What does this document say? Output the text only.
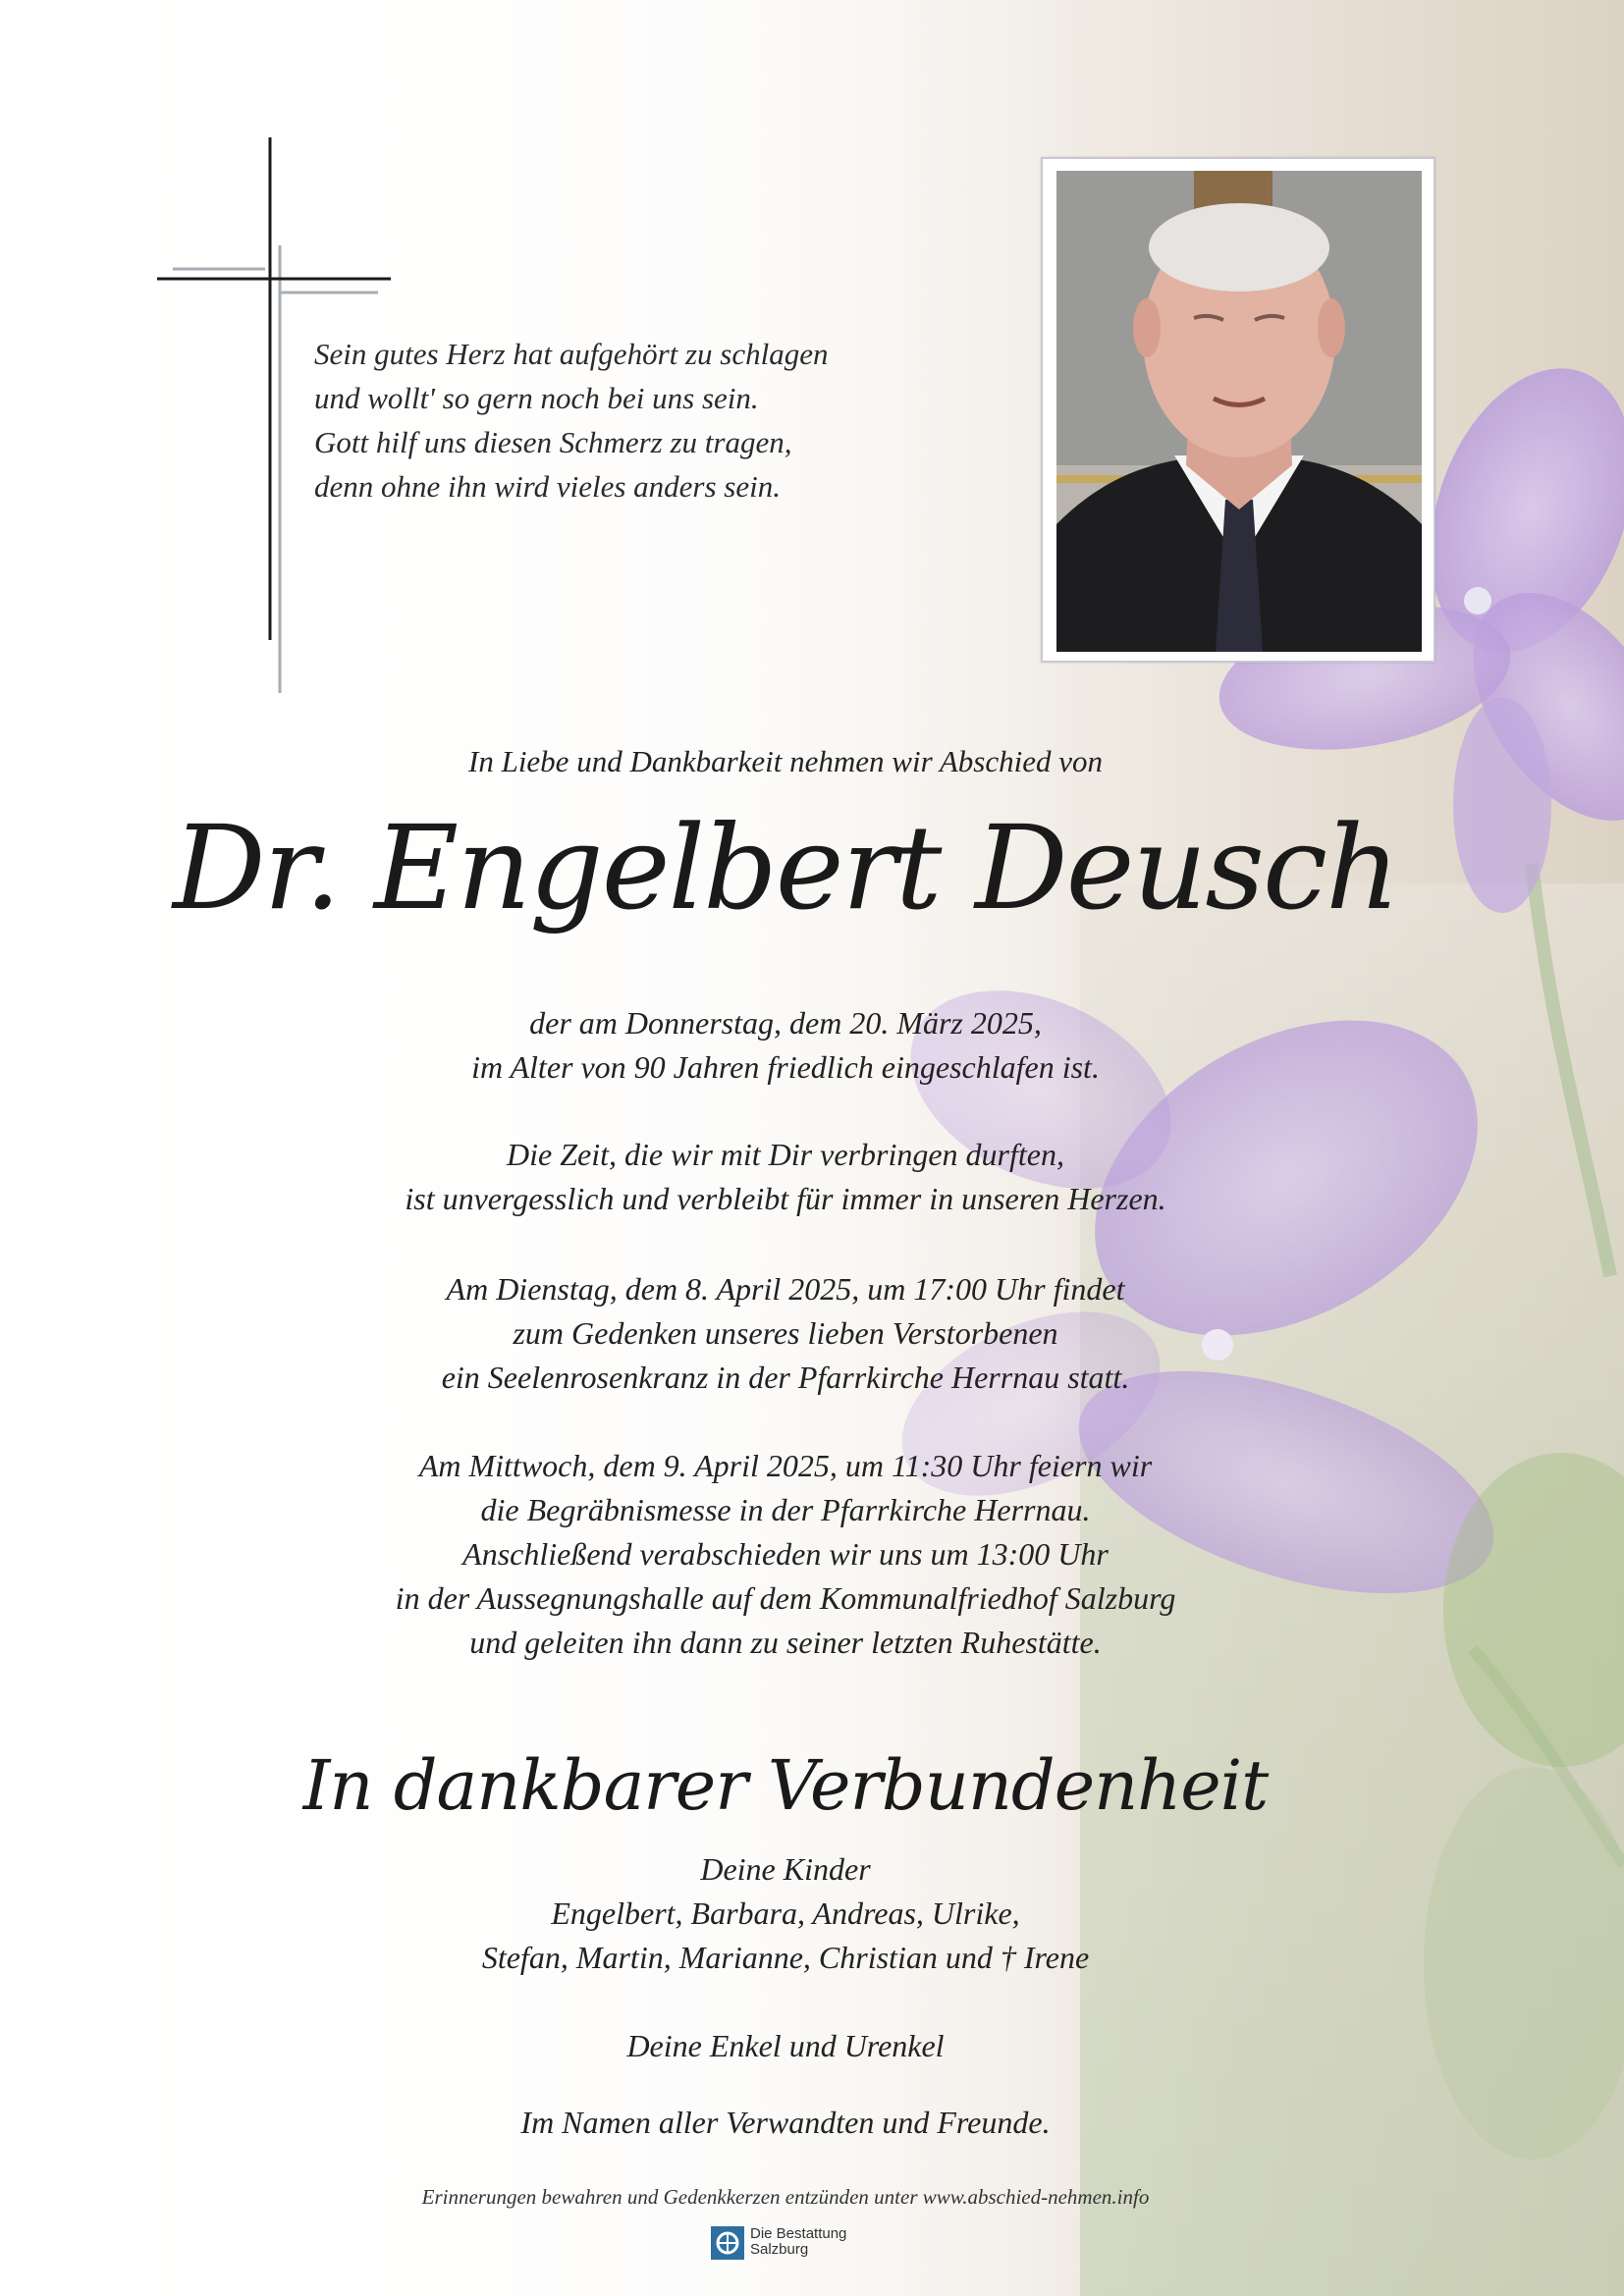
Sein gutes Herz hat aufgehört zu schlagen
und wollt' so gern noch bei uns sein.
Gott hilf uns diesen Schmerz zu tragen,
denn ohne ihn wird vieles anders sein.
In Liebe und Dankbarkeit nehmen wir Abschied von
Dr. Engelbert Deusch
der am Donnerstag, dem 20. März 2025,
im Alter von 90 Jahren friedlich eingeschlafen ist.
Die Zeit, die wir mit Dir verbringen durften,
ist unvergesslich und verbleibt für immer in unseren Herzen.
Am Dienstag, dem 8. April 2025, um 17:00 Uhr findet
zum Gedenken unseres lieben Verstorbenen
ein Seelenrosenkranz in der Pfarrkirche Herrnau statt.
Am Mittwoch, dem 9. April 2025, um 11:30 Uhr feiern wir
die Begräbnismesse in der Pfarrkirche Herrnau.
Anschließend verabschieden wir uns um 13:00 Uhr
in der Aussegnungshalle auf dem Kommunalfriedhof Salzburg
und geleiten ihn dann zu seiner letzten Ruhestätte.
In dankbarer Verbundenheit
Deine Kinder
Engelbert, Barbara, Andreas, Ulrike,
Stefan, Martin, Marianne, Christian und † Irene
Deine Enkel und Urenkel
Im Namen aller Verwandten und Freunde.
Erinnerungen bewahren und Gedenkkerzen entzünden unter www.abschied-nehmen.info
Die Bestattung
Salzburg
